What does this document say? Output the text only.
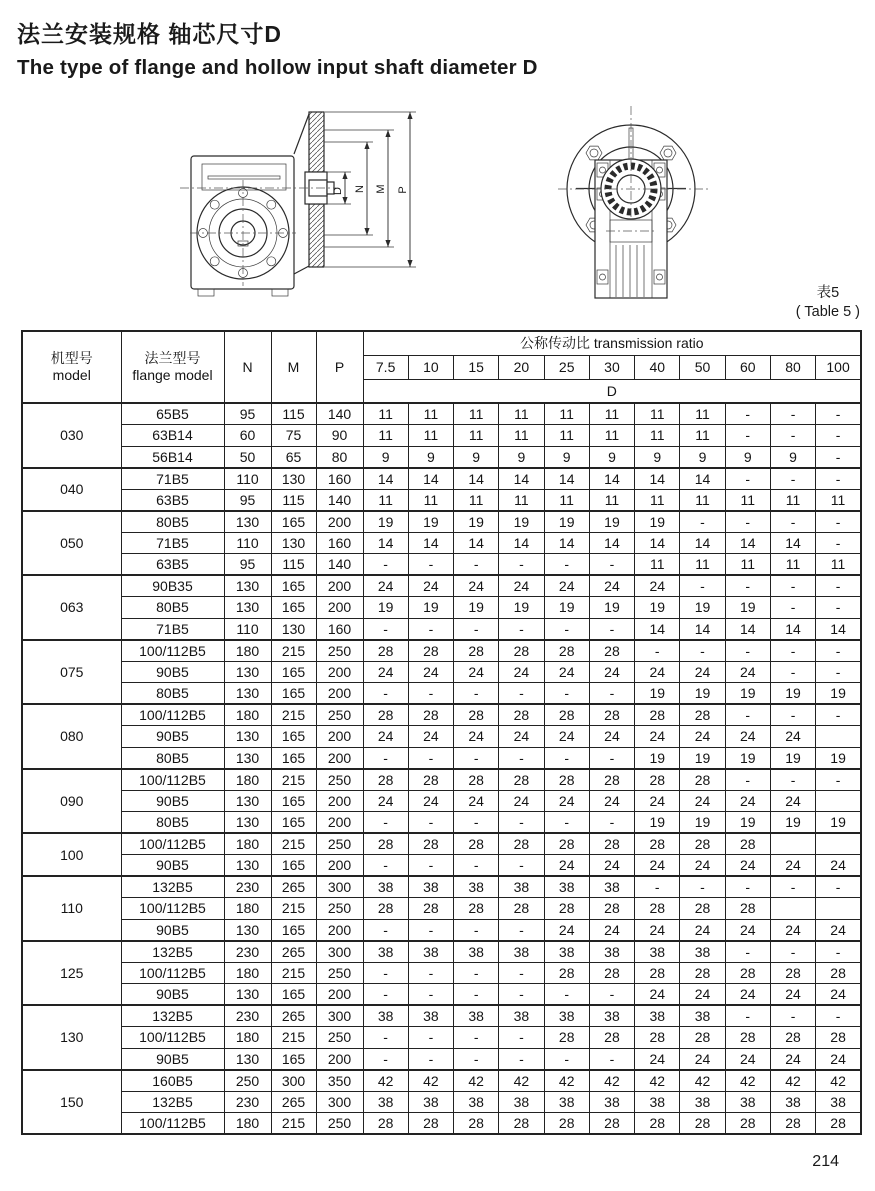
法兰安装规格 轴芯尺寸D
The type of flange and hollow input shaft diameter D
D N M P
表5
( Table 5 )
机型号
model

法兰型号
flange model	N	M	P	公称传动比 transmission ratio
					7.5	10	15	20	25	30	40	50	60	80	100
					D										
030	65B5	95	115	140	11	11	11	11	11	11	11	11	-	-	-
	63B14	60	75	90	11	11	11	11	11	11	11	11	-	-	-
	56B14	50	65	80	9	9	9	9	9	9	9	9	9	9	-
040	71B5	110	130	160	14	14	14	14	14	14	14	14	-	-	-
	63B5	95	115	140	11	11	11	11	11	11	11	11	11	11	11
050	80B5	130	165	200	19	19	19	19	19	19	19	-	-	-	-
	71B5	110	130	160	14	14	14	14	14	14	14	14	14	14	-
	63B5	95	115	140	-	-	-	-	-	-	11	11	11	11	11
063	90B35	130	165	200	24	24	24	24	24	24	24	-	-	-	-
	80B5	130	165	200	19	19	19	19	19	19	19	19	19	-	-
	71B5	110	130	160	-	-	-	-	-	-	14	14	14	14	14
075	100/112B5	180	215	250	28	28	28	28	28	28	-	-	-	-	-
	90B5	130	165	200	24	24	24	24	24	24	24	24	24	-	-
	80B5	130	165	200	-	-	-	-	-	-	19	19	19	19	19
080	100/112B5	180	215	250	28	28	28	28	28	28	28	28	-	-	-
	90B5	130	165	200	24	24	24	24	24	24	24	24	24	24	
	80B5	130	165	200	-	-	-	-	-	-	19	19	19	19	19
090	100/112B5	180	215	250	28	28	28	28	28	28	28	28	-	-	-
	90B5	130	165	200	24	24	24	24	24	24	24	24	24	24	
	80B5	130	165	200	-	-	-	-	-	-	19	19	19	19	19
100	100/112B5	180	215	250	28	28	28	28	28	28	28	28	28		
	90B5	130	165	200	-	-	-	-	24	24	24	24	24	24	24
110	132B5	230	265	300	38	38	38	38	38	38	-	-	-	-	-
	100/112B5	180	215	250	28	28	28	28	28	28	28	28	28		
	90B5	130	165	200	-	-	-	-	24	24	24	24	24	24	24
125	132B5	230	265	300	38	38	38	38	38	38	38	38	-	-	-
	100/112B5	180	215	250	-	-	-	-	28	28	28	28	28	28	28
	90B5	130	165	200	-	-	-	-	-	-	24	24	24	24	24
130	132B5	230	265	300	38	38	38	38	38	38	38	38	-	-	-
	100/112B5	180	215	250	-	-	-	-	28	28	28	28	28	28	28
	90B5	130	165	200	-	-	-	-	-	-	24	24	24	24	24
150	160B5	250	300	350	42	42	42	42	42	42	42	42	42	42	42
	132B5	230	265	300	38	38	38	38	38	38	38	38	38	38	38
	100/112B5	180	215	250	28	28	28	28	28	28	28	28	28	28	28
214
